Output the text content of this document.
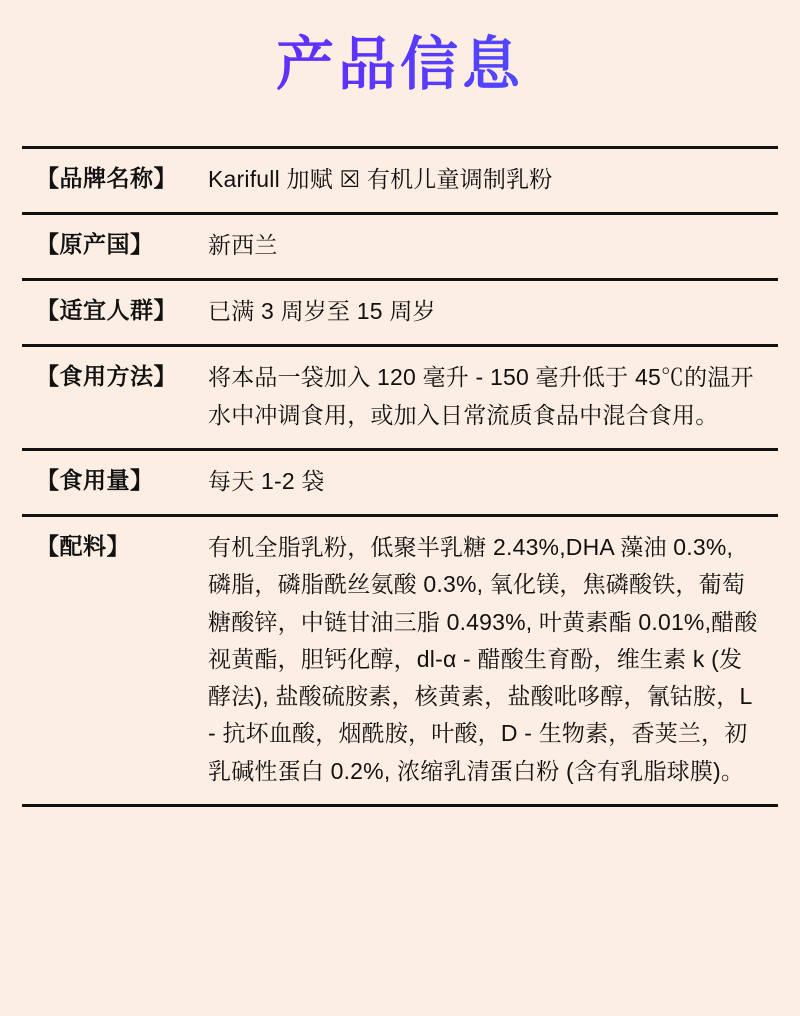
产品信息
【品牌名称】	Karifull 加赋 ☒ 有机儿童调制乳粉
【原产国】	新西兰
【适宜人群】	已满 3 周岁至 15 周岁
【食用方法】	将本品一袋加入 120 毫升 - 150 毫升低于 45℃的温开水中冲调食用，或加入日常流质食品中混合食用。
【食用量】	每天 1-2 袋
【配料】	有机全脂乳粉，低聚半乳糖 2.43%,DHA 藻油 0.3%, 磷脂，磷脂酰丝氨酸 0.3%, 氧化镁，焦磷酸铁，葡萄糖酸锌，中链甘油三脂 0.493%, 叶黄素酯 0.01%,醋酸视黄酯，胆钙化醇，dl-α - 醋酸生育酚，维生素 k (发酵法), 盐酸硫胺素，核黄素，盐酸吡哆醇，氰钴胺，L - 抗坏血酸，烟酰胺，叶酸，D - 生物素，香荚兰，初乳碱性蛋白 0.2%, 浓缩乳清蛋白粉 (含有乳脂球膜)。
